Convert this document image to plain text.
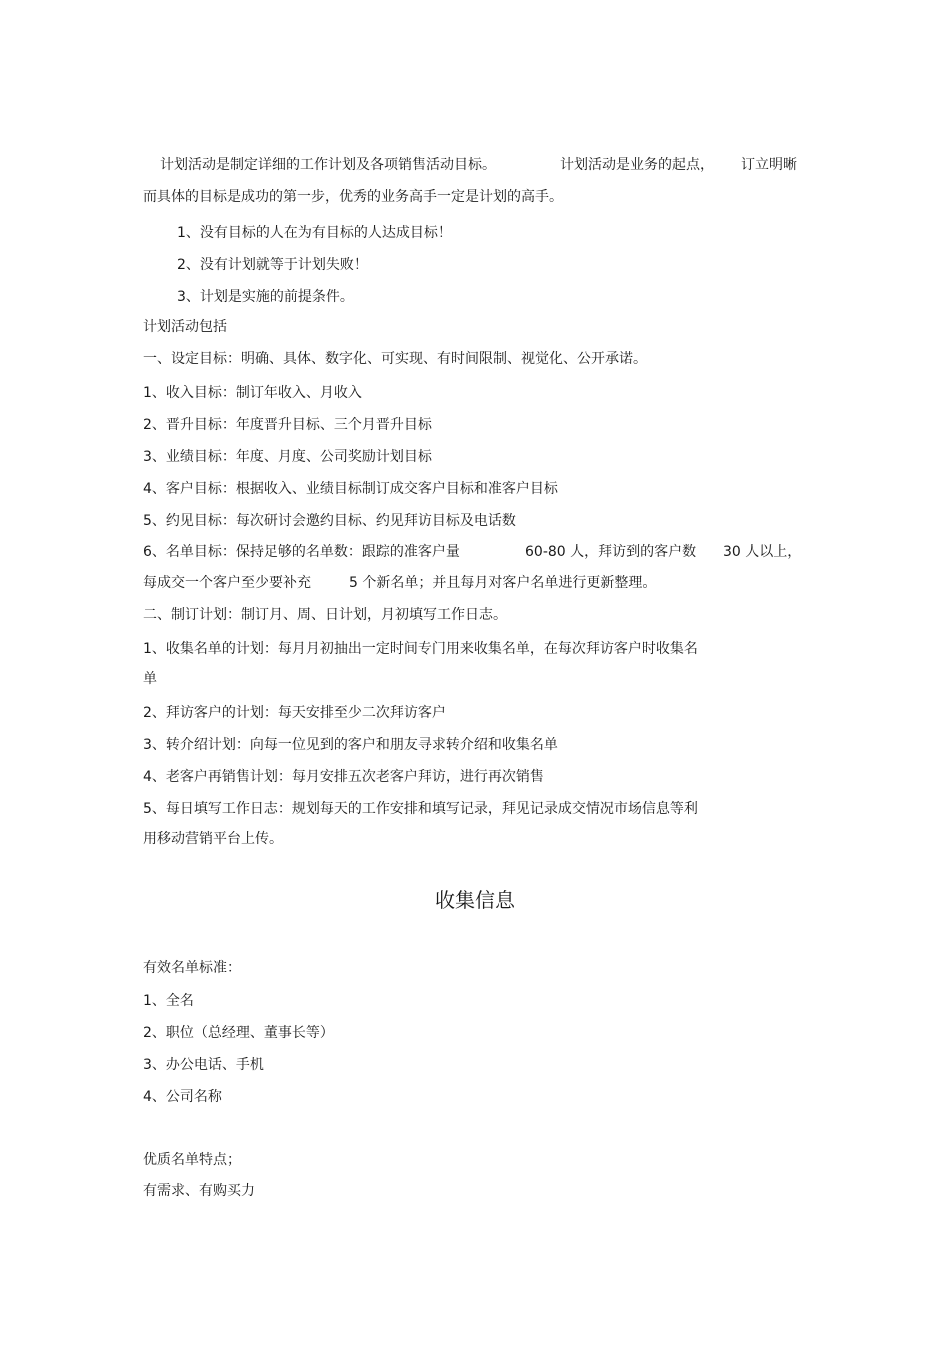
计划活动是制定详细的工作计划及各项销售活动目标。	计划活动是业务的起点， 订立明晰
而具体的目标是成功的第一步，优秀的业务高手一定是计划的高手。
1、没有目标的人在为有目标的人达成目标！
2、没有计划就等于计划失败！
3、计划是实施的前提条件。
计划活动包括
一、设定目标：明确、具体、数字化、可实现、有时间限制、视觉化、公开承诺。
1、收入目标：制订年收入、月收入
2、晋升目标：年度晋升目标、三个月晋升目标
3、业绩目标：年度、月度、公司奖励计划目标
4、客户目标：根据收入、业绩目标制订成交客户目标和准客户目标
5、约见目标：每次研讨会邀约目标、约见拜访目标及电话数
6、名单目标：保持足够的名单数：跟踪的准客户量	60-80 人，拜访到的客户数 30 人以上，
每成交一个客户至少要补充	5 个新名单；并且每月对客户名单进行更新整理。
二、制订计划：制订月、周、日计划，月初填写工作日志。
1、收集名单的计划：每月月初抽出一定时间专门用来收集名单，在每次拜访客户时收集名
单
2、拜访客户的计划：每天安排至少二次拜访客户
3、转介绍计划：向每一位见到的客户和朋友寻求转介绍和收集名单
4、老客户再销售计划：每月安排五次老客户拜访，进行再次销售
5、每日填写工作日志：规划每天的工作安排和填写记录，拜见记录成交情况市场信息等利
用移动营销平台上传。
收集信息
有效名单标准：
1、全名
2、职位（总经理、董事长等）
3、办公电话、手机
4、公司名称
优质名单特点；
有需求、有购买力
